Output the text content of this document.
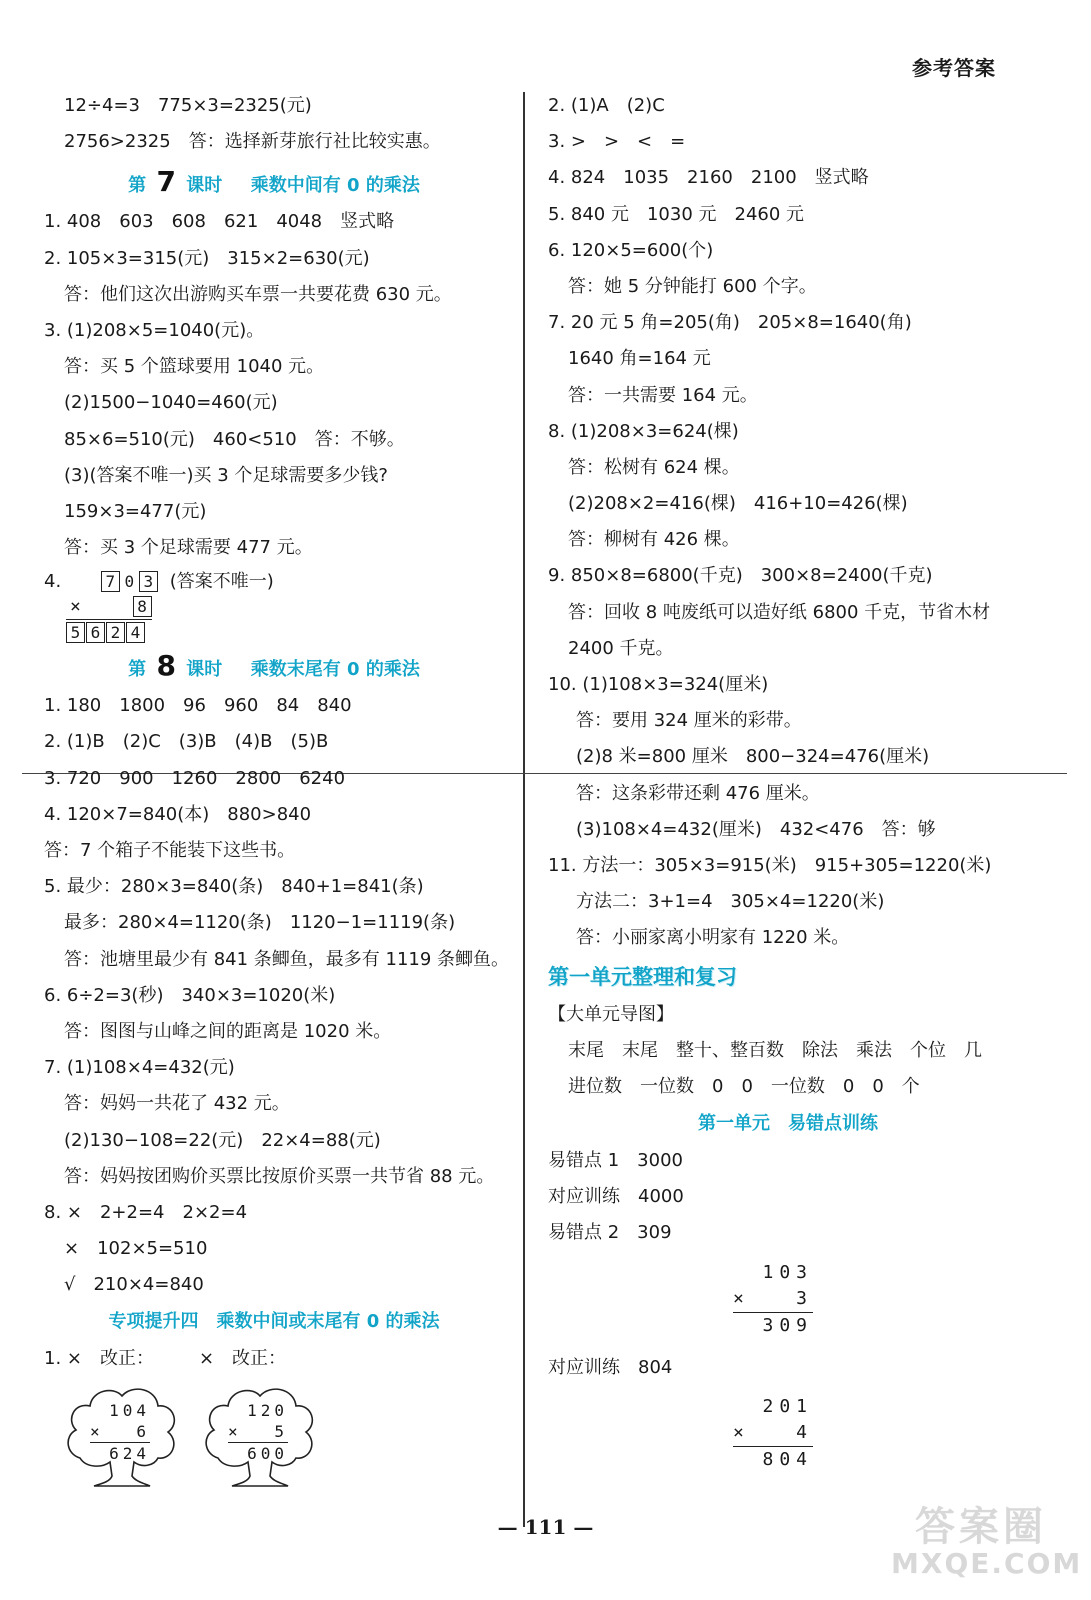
参考答案
12÷4=3　775×3=2325(元)
2756>2325　答：选择新芽旅行社比较实惠。
第 7 课时 乘数中间有 0 的乘法
1. 408　603　608　621　4048　竖式略
2. 105×3=315(元)　315×2=630(元)
答：他们这次出游购买车票一共要花费 630 元。
3. (1)208×5=1040(元)。
答：买 5 个篮球要用 1040 元。
(2)1500−1040=460(元)
85×6=510(元)　460<510　答：不够。
(3)(答案不唯一)买 3 个足球需要多少钱?
159×3=477(元)
答：买 3 个足球需要 477 元。
4.	7 0 3 (答案不唯一)
×	8
5 6 2 4
第 8 课时 乘数末尾有 0 的乘法
1. 180　1800　96　960　84　840
2. (1)B　(2)C　(3)B　(4)B　(5)B
3. 720　900　1260　2800　6240
4. 120×7=840(本)　880>840
答：7 个箱子不能装下这些书。
5. 最少：280×3=840(条)　840+1=841(条)
最多：280×4=1120(条)　1120−1=1119(条)
答：池塘里最少有 841 条鲫鱼，最多有 1119 条鲫鱼。
6. 6÷2=3(秒)　340×3=1020(米)
答：图图与山峰之间的距离是 1020 米。
7. (1)108×4=432(元)
答：妈妈一共花了 432 元。
(2)130−108=22(元)　22×4=88(元)
答：妈妈按团购价买票比按原价买票一共节省 88 元。
8. ×　2+2=4　2×2=4
×　102×5=510
√　210×4=840
专项提升四　乘数中间或末尾有 0 的乘法
1. ×　改正：　　　×　改正：
104
× 6
624
120
× 5
600
2. (1)A　(2)C
3. >　>　<　=
4. 824　1035　2160　2100　竖式略
5. 840 元　1030 元　2460 元
6. 120×5=600(个)
答：她 5 分钟能打 600 个字。
7. 20 元 5 角=205(角)　205×8=1640(角)
1640 角=164 元
答：一共需要 164 元。
8. (1)208×3=624(棵)
答：松树有 624 棵。
(2)208×2=416(棵)　416+10=426(棵)
答：柳树有 426 棵。
9. 850×8=6800(千克)　300×8=2400(千克)
答：回收 8 吨废纸可以造好纸 6800 千克，节省木材
2400 千克。
10. (1)108×3=324(厘米)
答：要用 324 厘米的彩带。
(2)8 米=800 厘米　800−324=476(厘米)
答：这条彩带还剩 476 厘米。
(3)108×4=432(厘米)　432<476　答：够
11. 方法一：305×3=915(米)　915+305=1220(米)
方法二：3+1=4　305×4=1220(米)
答：小丽家离小明家有 1220 米。
第一单元整理和复习
【大单元导图】
末尾　末尾　整十、整百数　除法　乘法　个位　几
进位数　一位数　0　0　一位数　0　0　个
第一单元　易错点训练
易错点 1　3000
对应训练　4000
易错点 2　309
103
×	3
309
对应训练　804
201
×	4
804
— 111 —	答案圈
MXQE.COM
